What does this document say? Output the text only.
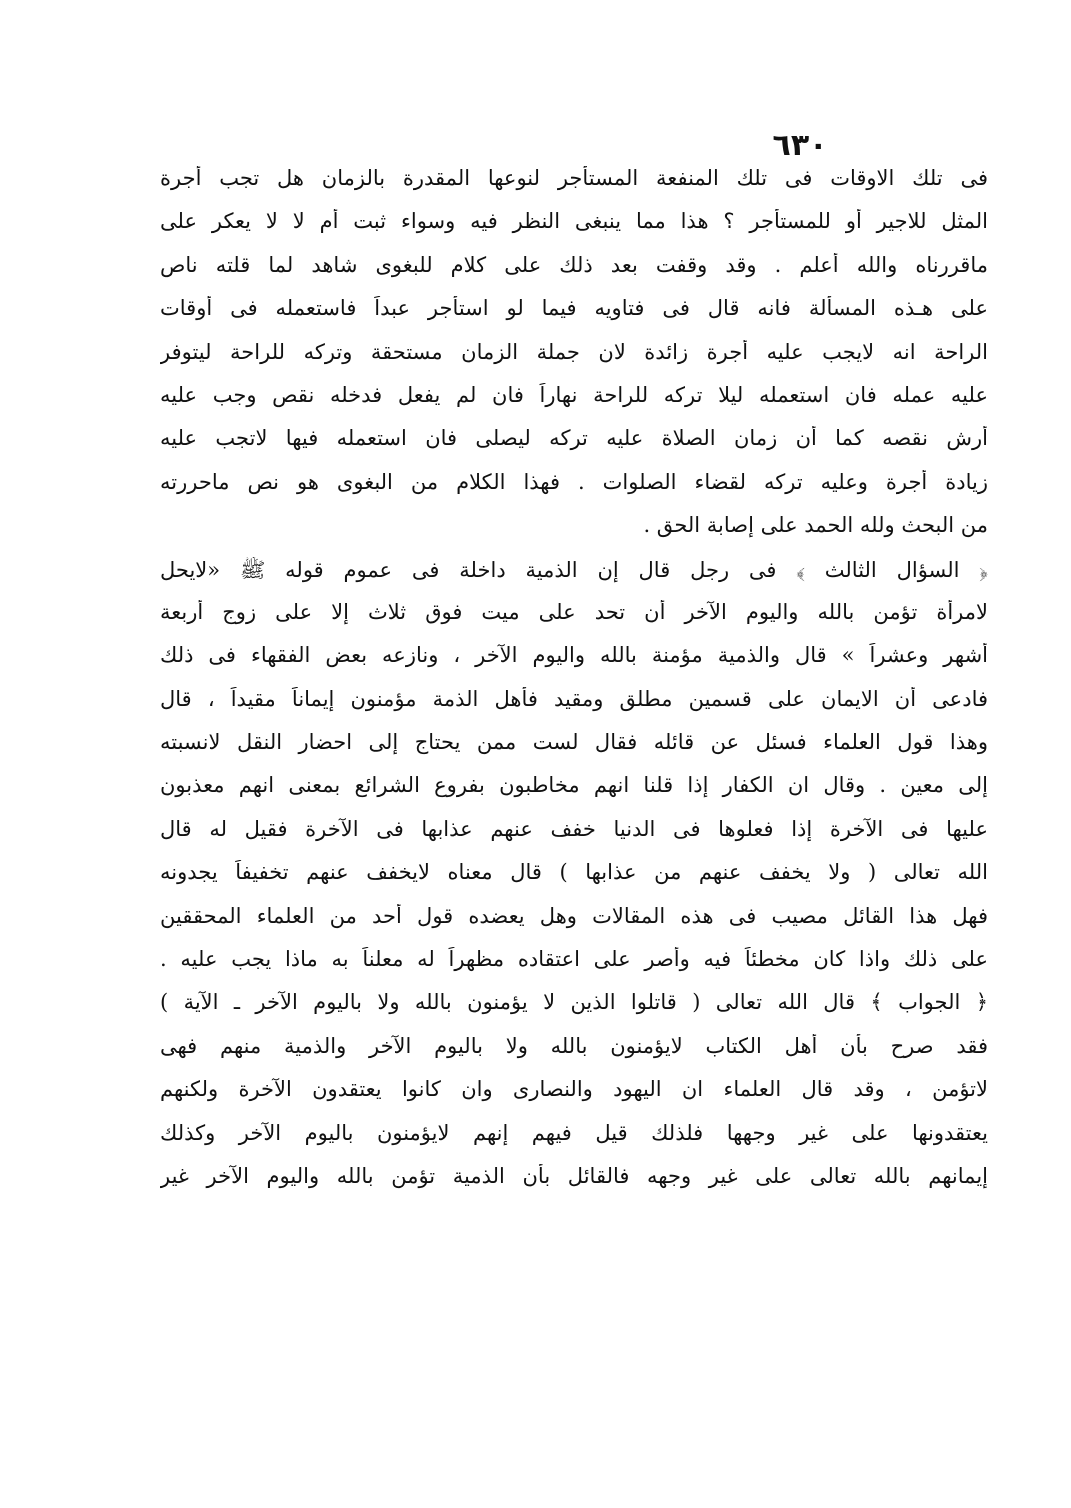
٦٣٠
فى تلك الاوقات فى تلك المنفعة المستأجر لنوعها المقدرة بالزمان هل تجب أجرة
المثل للاجير أو للمستأجر ؟ هذا مما ينبغى النظر فيه وسواء ثبت أم لا لا يعكر على
ماقررناه والله أعلم . وقد وقفت بعد ذلك على كلام للبغوى شاهد لما قلته ناص
على هـذه المسألة فانه قال فى فتاويه فيما لو استأجر عبداً فاستعمله فى أوقات
الراحة انه لايجب عليه أجرة زائدة لان جملة الزمان مستحقة وتركه للراحة ليتوفر
عليه عمله فان استعمله ليلا تركه للراحة نهاراً فان لم يفعل فدخله نقص وجب عليه
أرش نقصه كما أن زمان الصلاة عليه تركه ليصلى فان استعمله فيها لاتجب عليه
زيادة أجرة وعليه تركه لقضاء الصلوات . فهذا الكلام من البغوى هو نص ماحررته
من البحث ولله الحمد على إصابة الحق .
﴿ السؤال الثالث ﴾ فى رجل قال إن الذمية داخلة فى عموم قوله ﷺ «لايحل
لامرأة تؤمن بالله واليوم الآخر أن تحد على ميت فوق ثلاث إلا على زوج أربعة
أشهر وعشراً » قال والذمية مؤمنة بالله واليوم الآخر ، ونازعه بعض الفقهاء فى ذلك
فادعى أن الايمان على قسمين مطلق ومقيد فأهل الذمة مؤمنون إيماناً مقيداً ، قال
وهذا قول العلماء فسئل عن قائله فقال لست ممن يحتاج إلى احضار النقل لانسبته
إلى معين . وقال ان الكفار إذا قلنا انهم مخاطبون بفروع الشرائع بمعنى انهم معذبون
عليها فى الآخرة إذا فعلوها فى الدنيا خفف عنهم عذابها فى الآخرة فقيل له قال
الله تعالى ( ولا يخفف عنهم من عذابها ) قال معناه لايخفف عنهم تخفيفاً يجدونه
فهل هذا القائل مصيب فى هذه المقالات وهل يعضده قول أحد من العلماء المحققين
على ذلك واذا كان مخطئاً فيه وأصر على اعتقاده مظهراً له معلناً به ماذا يجب عليه .
﴿ الجواب ﴾ قال الله تعالى ( قاتلوا الذين لا يؤمنون بالله ولا باليوم الآخر ـ الآية )
فقد صرح بأن أهل الكتاب لايؤمنون بالله ولا باليوم الآخر والذمية منهم فهى
لاتؤمن ، وقد قال العلماء ان اليهود والنصارى وان كانوا يعتقدون الآخرة ولكنهم
يعتقدونها على غير وجهها فلذلك قيل فيهم إنهم لايؤمنون باليوم الآخر وكذلك
إيمانهم بالله تعالى على غير وجهه فالقائل بأن الذمية تؤمن بالله واليوم الآخر غير
